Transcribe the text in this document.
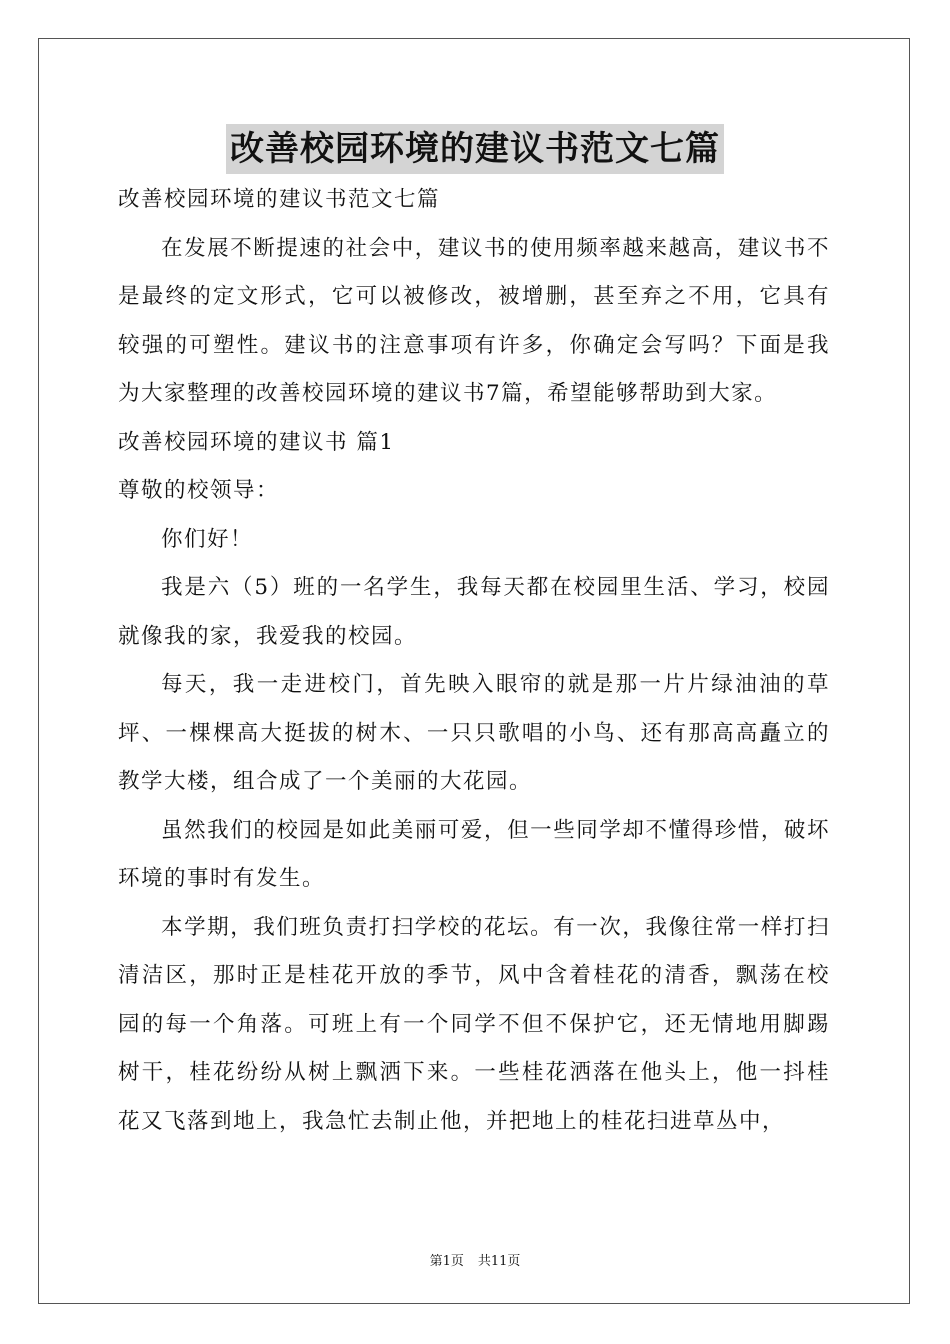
改善校园环境的建议书范文七篇

改善校园环境的建议书范文七篇

在发展不断提速的社会中，建议书的使用频率越来越高，建议书不是最终的定文形式，它可以被修改，被增删，甚至弃之不用，它具有较强的可塑性。建议书的注意事项有许多，你确定会写吗？下面是我为大家整理的改善校园环境的建议书7篇，希望能够帮助到大家。

改善校园环境的建议书 篇1

尊敬的校领导：

你们好！

我是六（5）班的一名学生，我每天都在校园里生活、学习，校园就像我的家，我爱我的校园。

每天，我一走进校门，首先映入眼帘的就是那一片片绿油油的草坪、一棵棵高大挺拔的树木、一只只歌唱的小鸟、还有那高高矗立的教学大楼，组合成了一个美丽的大花园。

虽然我们的校园是如此美丽可爱，但一些同学却不懂得珍惜，破坏环境的事时有发生。

本学期，我们班负责打扫学校的花坛。有一次，我像往常一样打扫清洁区，那时正是桂花开放的季节，风中含着桂花的清香，飘荡在校园的每一个角落。可班上有一个同学不但不保护它，还无情地用脚踢树干，桂花纷纷从树上飘洒下来。一些桂花洒落在他头上，他一抖桂花又飞落到地上，我急忙去制止他，并把地上的桂花扫进草丛中，

第1页 共11页
